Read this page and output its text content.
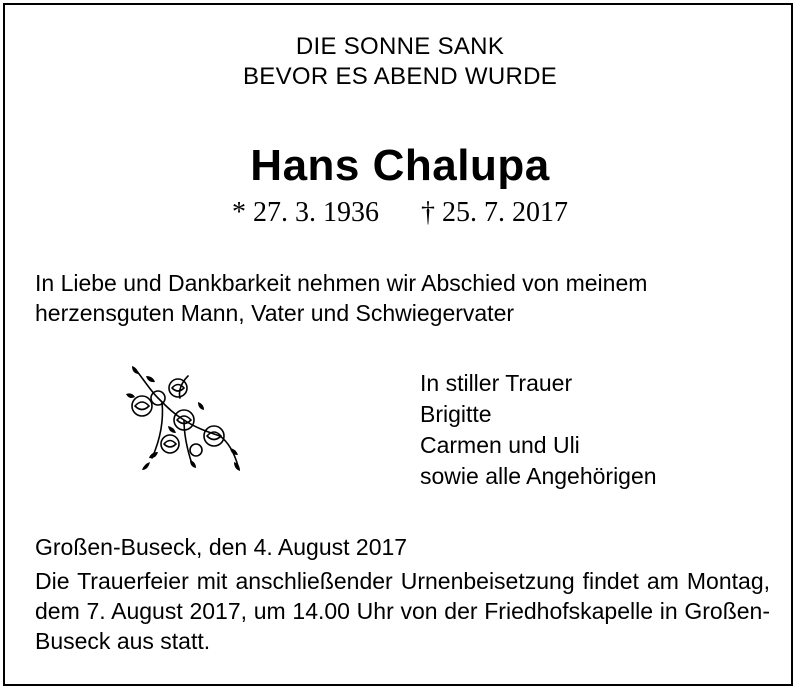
DIE SONNE SANK
BEVOR ES ABEND WURDE
Hans Chalupa
* 27. 3. 1936 † 25. 7. 2017
In Liebe und Dankbarkeit nehmen wir Abschied von meinem herzensguten Mann, Vater und Schwiegervater
In stiller Trauer
Brigitte
Carmen und Uli
sowie alle Angehörigen
Großen-Buseck, den 4. August 2017
Die Trauerfeier mit anschließender Urnenbeisetzung findet am Montag, dem 7. August 2017, um 14.00 Uhr von der Friedhofskapelle in Großen-Buseck aus statt.
